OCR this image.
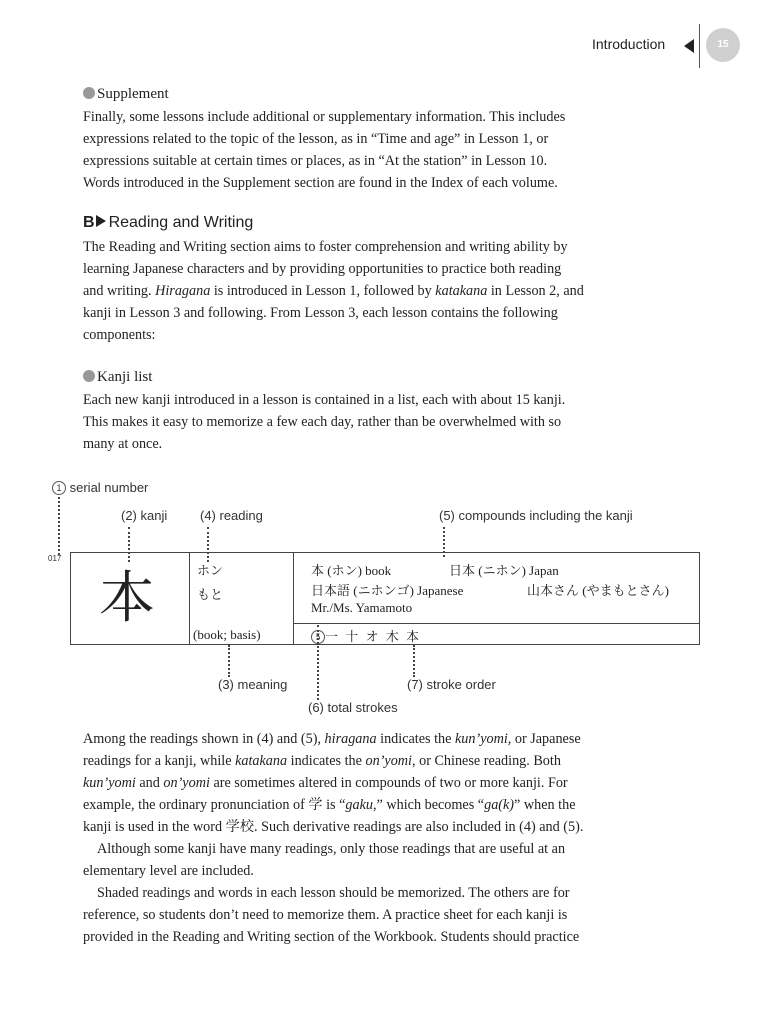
Introduction	15
Supplement
Finally, some lessons include additional or supplementary information. This includes
expressions related to the topic of the lesson, as in “Time and age” in Lesson 1, or
expressions suitable at certain times or places, as in “At the station” in Lesson 10.
Words introduced in the Supplement section are found in the Index of each volume.
B Reading and Writing
The Reading and Writing section aims to foster comprehension and writing ability by
learning Japanese characters and by providing opportunities to practice both reading
and writing. Hiragana is introduced in Lesson 1, followed by katakana in Lesson 2, and
kanji in Lesson 3 and following. From Lesson 3, each lesson contains the following
components:
Kanji list
Each new kanji introduced in a lesson is contained in a list, each with about 15 kanji.
This makes it easy to memorize a few each day, rather than be overwhelmed with so
many at once.
1 serial number
(2) kanji	(4) reading	(5) compounds including the kanji
017
本	ホン
もと
(book; basis)
本 (ホン) book	日本 (ニホン) Japan
日本語 (ニホンゴ) Japanese	山本さん (やまもとさん)
Mr./Ms. Yamamoto
5 一 十 オ 木 本
(3) meaning
(6) total strokes
(7) stroke order
Among the readings shown in (4) and (5), hiragana indicates the kun’yomi, or Japanese
readings for a kanji, while katakana indicates the on’yomi, or Chinese reading. Both
kun’yomi and on’yomi are sometimes altered in compounds of two or more kanji. For
example, the ordinary pronunciation of 学 is “gaku,” which becomes “ga(k)” when the
kanji is used in the word 学校. Such derivative readings are also included in (4) and (5).
Although some kanji have many readings, only those readings that are useful at an
elementary level are included.
Shaded readings and words in each lesson should be memorized. The others are for
reference, so students don’t need to memorize them. A practice sheet for each kanji is
provided in the Reading and Writing section of the Workbook. Students should practice
